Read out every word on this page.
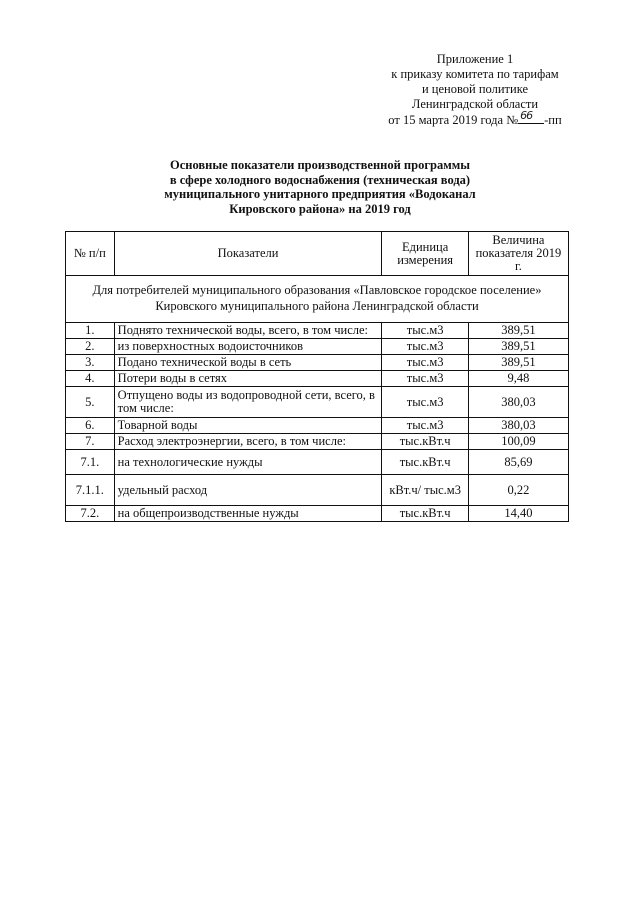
Приложение 1
к приказу комитета по тарифам
и ценовой политике
Ленинградской области
от 15 марта 2019 года № 66 -пп
Основные показатели производственной программы
в сфере холодного водоснабжения (техническая вода)
муниципального унитарного предприятия «Водоканал
Кировского района» на 2019 год
№ п/п	Показатели	Единица измерения	Величина показателя 2019 г.

Для потребителей муниципального образования «Павловское городское поселение»
Кировского муниципального района Ленинградской области			

1.	Поднято технической воды, всего, в том числе:	тыс.м3	389,51
2.	из поверхностных водоисточников	тыс.м3	389,51
3.	Подано технической воды в сеть	тыс.м3	389,51
4.	Потери воды в сетях	тыс.м3	9,48
5.	Отпущено воды из водопроводной сети, всего, в том числе:	тыс.м3	380,03
6.	Товарной воды	тыс.м3	380,03
7.	Расход электроэнергии, всего, в том числе:	тыс.кВт.ч	100,09
7.1.	на технологические нужды	тыс.кВт.ч	85,69
7.1.1.	удельный расход	кВт.ч/ тыс.м3	0,22
7.2.	на общепроизводственные нужды	тыс.кВт.ч	14,40
